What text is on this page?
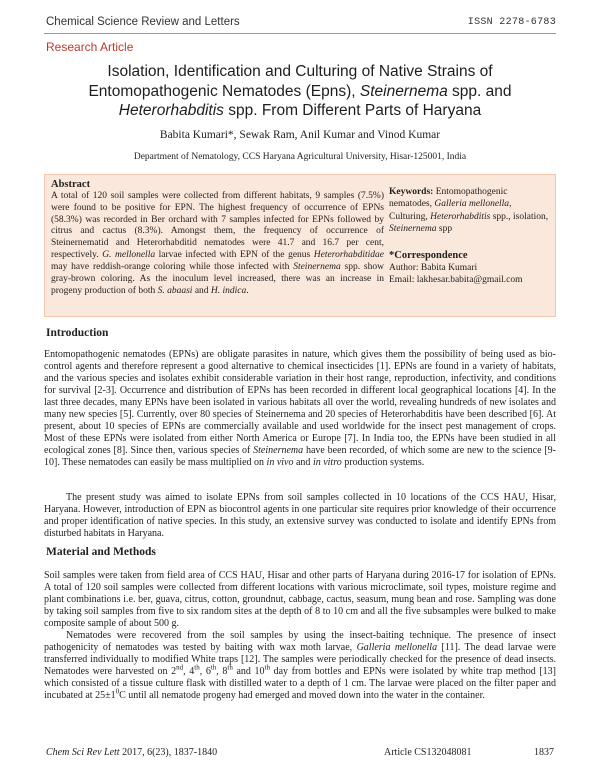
Chemical Science Review and Letters	ISSN 2278-6783
Research Article
Isolation, Identification and Culturing of Native Strains of
Entomopathogenic Nematodes (Epns), Steinernema spp. and
Heterorhabditis spp. From Different Parts of Haryana
Babita Kumari*, Sewak Ram, Anil Kumar and Vinod Kumar
Department of Nematology, CCS Haryana Agricultural University, Hisar-125001, India
Abstract
A total of 120 soil samples were collected from different habitats, 9 samples (7.5%) were found to be positive for EPN. The highest frequency of occurrence of EPNs (58.3%) was recorded in Ber orchard with 7 samples infected for EPNs followed by citrus and cactus (8.3%). Amongst them, the frequency of occurrence of Steinernematid and Heterorhabditid nematodes were 41.7 and 16.7 per cent, respectively. G. mellonella larvae infected with EPN of the genus Heterorhabditidae may have reddish-orange coloring while those infected with Steinernema spp. show gray-brown coloring. As the inoculum level increased, there was an increase in progeny production of both S. abaasi and H. indica.
Keywords: Entomopathogenic nematodes, Galleria mellonella, Culturing, Heterorhabditis spp., isolation, Steinernema spp
*Correspondence
Author: Babita Kumari
Email: lakhesar.babita@gmail.com
Introduction
Entomopathogenic nematodes (EPNs) are obligate parasites in nature, which gives them the possibility of being used as bio-control agents and therefore represent a good alternative to chemical insecticides [1]. EPNs are found in a variety of habitats, and the various species and isolates exhibit considerable variation in their host range, reproduction, infectivity, and conditions for survival [2-3]. Occurrence and distribution of EPNs has been recorded in different local geographical locations [4]. In the last three decades, many EPNs have been isolated in various habitats all over the world, revealing hundreds of new isolates and many new species [5]. Currently, over 80 species of Steinernema and 20 species of Heterorhabditis have been described [6]. At present, about 10 species of EPNs are commercially available and used worldwide for the insect pest management of crops. Most of these EPNs were isolated from either North America or Europe [7]. In India too, the EPNs have been studied in all ecological zones [8]. Since then, various species of Steinernema have been recorded, of which some are new to the science [9-10]. These nematodes can easily be mass multiplied on in vivo and in vitro production systems.
The present study was aimed to isolate EPNs from soil samples collected in 10 locations of the CCS HAU, Hisar, Haryana. However, introduction of EPN as biocontrol agents in one particular site requires prior knowledge of their occurrence and proper identification of native species. In this study, an extensive survey was conducted to isolate and identify EPNs from disturbed habitats in Haryana.
Material and Methods
Soil samples were taken from field area of CCS HAU, Hisar and other parts of Haryana during 2016-17 for isolation of EPNs. A total of 120 soil samples were collected from different locations with various microclimate, soil types, moisture regime and plant combinations i.e. ber, guava, citrus, cotton, groundnut, cabbage, cactus, seasum, mung bean and rose. Sampling was done by taking soil samples from five to six random sites at the depth of 8 to 10 cm and all the five subsamples were bulked to make composite sample of about 500 g.
Nematodes were recovered from the soil samples by using the insect-baiting technique. The presence of insect pathogenicity of nematodes was tested by baiting with wax moth larvae, Galleria mellonella [11]. The dead larvae were transferred individually to modified White traps [12]. The samples were periodically checked for the presence of dead insects. Nematodes were harvested on 2nd, 4th, 6th, 8th and 10th day from bottles and EPNs were isolated by white trap method [13] which consisted of a tissue culture flask with distilled water to a depth of 1 cm. The larvae were placed on the filter paper and incubated at $25\pm 1^0C$ until all nematode progeny had emerged and moved down into the water in the container.
Chem Sci Rev Lett 2017, 6(23), 1837-1840	Article CS132048081	1837
